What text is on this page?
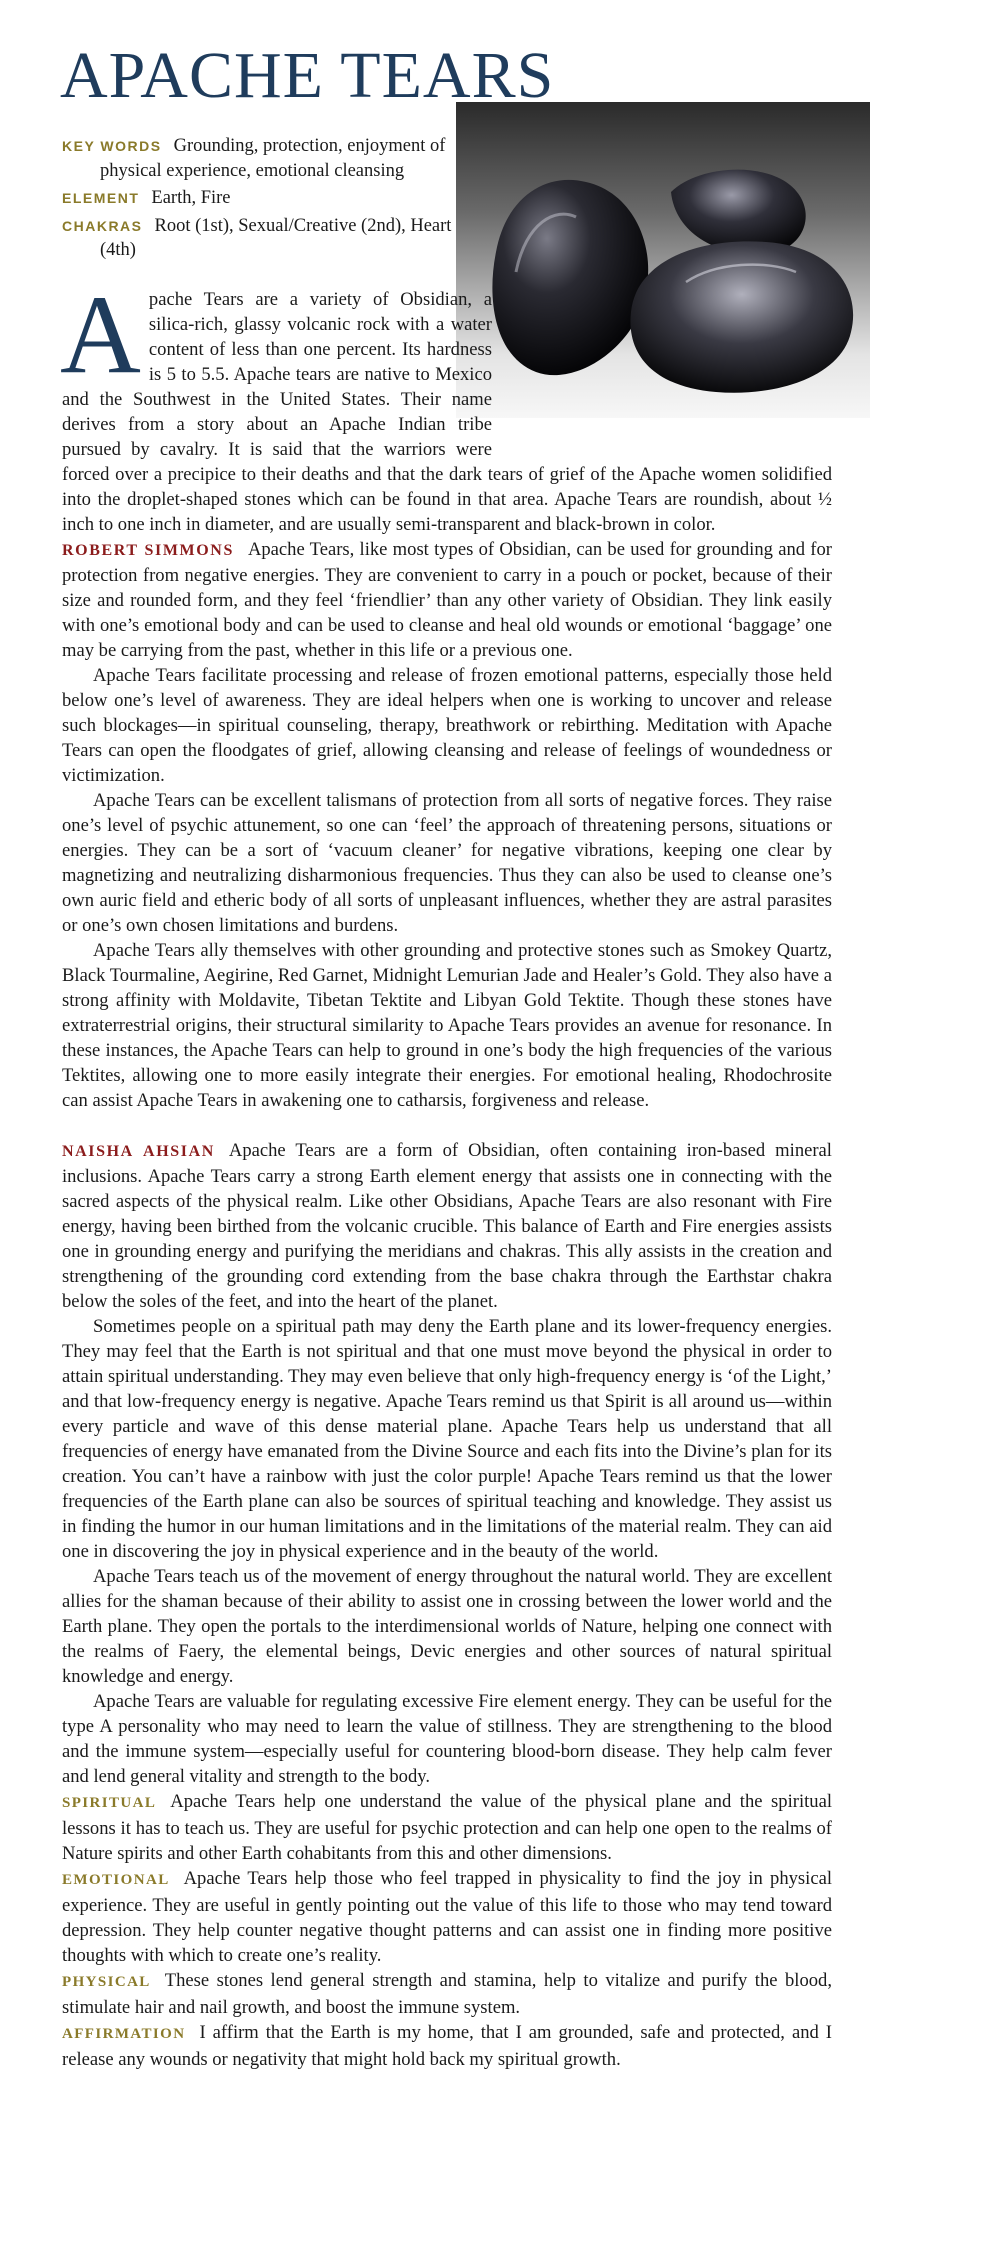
APACHE TEARS
KEY WORDS Grounding, protection, enjoyment of physical experience, emotional cleansing
ELEMENT Earth, Fire
CHAKRAS Root (1st), Sexual/Creative (2nd), Heart (4th)
Apache Tears are a variety of Obsidian, a silica-rich, glassy volcanic rock with a water content of less than one percent. Its hardness is 5 to 5.5. Apache tears are native to Mexico and the Southwest in the United States. Their name derives from a story about an Apache Indian tribe pursued by cavalry. It is said that the warriors were forced over a precipice to their deaths and that the dark tears of grief of the Apache women solidified into the droplet-shaped stones which can be found in that area. Apache Tears are roundish, about ½ inch to one inch in diameter, and are usually semi-transparent and black-brown in color.

ROBERT SIMMONS Apache Tears, like most types of Obsidian, can be used for grounding and for protection from negative energies. They are convenient to carry in a pouch or pocket, because of their size and rounded form, and they feel ‘friendlier’ than any other variety of Obsidian. They link easily with one’s emotional body and can be used to cleanse and heal old wounds or emotional ‘baggage’ one may be carrying from the past, whether in this life or a previous one.

Apache Tears facilitate processing and release of frozen emotional patterns, especially those held below one’s level of awareness. They are ideal helpers when one is working to uncover and release such blockages—in spiritual counseling, therapy, breathwork or rebirthing. Meditation with Apache Tears can open the floodgates of grief, allowing cleansing and release of feelings of woundedness or victimization.

Apache Tears can be excellent talismans of protection from all sorts of negative forces. They raise one’s level of psychic attunement, so one can ‘feel’ the approach of threatening persons, situations or energies. They can be a sort of ‘vacuum cleaner’ for negative vibrations, keeping one clear by magnetizing and neutralizing disharmonious frequencies. Thus they can also be used to cleanse one’s own auric field and etheric body of all sorts of unpleasant influences, whether they are astral parasites or one’s own chosen limitations and burdens.

Apache Tears ally themselves with other grounding and protective stones such as Smokey Quartz, Black Tourmaline, Aegirine, Red Garnet, Midnight Lemurian Jade and Healer’s Gold. They also have a strong affinity with Moldavite, Tibetan Tektite and Libyan Gold Tektite. Though these stones have extraterrestrial origins, their structural similarity to Apache Tears provides an avenue for resonance. In these instances, the Apache Tears can help to ground in one’s body the high frequencies of the various Tektites, allowing one to more easily integrate their energies. For emotional healing, Rhodochrosite can assist Apache Tears in awakening one to catharsis, forgiveness and release.

NAISHA AHSIAN Apache Tears are a form of Obsidian, often containing iron-based mineral inclusions. Apache Tears carry a strong Earth element energy that assists one in connecting with the sacred aspects of the physical realm. Like other Obsidians, Apache Tears are also resonant with Fire energy, having been birthed from the volcanic crucible. This balance of Earth and Fire energies assists one in grounding energy and purifying the meridians and chakras. This ally assists in the creation and strengthening of the grounding cord extending from the base chakra through the Earthstar chakra below the soles of the feet, and into the heart of the planet.

Sometimes people on a spiritual path may deny the Earth plane and its lower-frequency energies. They may feel that the Earth is not spiritual and that one must move beyond the physical in order to attain spiritual understanding. They may even believe that only high-frequency energy is ‘of the Light,’ and that low-frequency energy is negative. Apache Tears remind us that Spirit is all around us—within every particle and wave of this dense material plane. Apache Tears help us understand that all frequencies of energy have emanated from the Divine Source and each fits into the Divine’s plan for its creation. You can’t have a rainbow with just the color purple! Apache Tears remind us that the lower frequencies of the Earth plane can also be sources of spiritual teaching and knowledge. They assist us in finding the humor in our human limitations and in the limitations of the material realm. They can aid one in discovering the joy in physical experience and in the beauty of the world.

Apache Tears teach us of the movement of energy throughout the natural world. They are excellent allies for the shaman because of their ability to assist one in crossing between the lower world and the Earth plane. They open the portals to the interdimensional worlds of Nature, helping one connect with the realms of Faery, the elemental beings, Devic energies and other sources of natural spiritual knowledge and energy.

Apache Tears are valuable for regulating excessive Fire element energy. They can be useful for the type A personality who may need to learn the value of stillness. They are strengthening to the blood and the immune system—especially useful for countering blood-born disease. They help calm fever and lend general vitality and strength to the body.

SPIRITUAL Apache Tears help one understand the value of the physical plane and the spiritual lessons it has to teach us. They are useful for psychic protection and can help one open to the realms of Nature spirits and other Earth cohabitants from this and other dimensions.

EMOTIONAL Apache Tears help those who feel trapped in physicality to find the joy in physical experience. They are useful in gently pointing out the value of this life to those who may tend toward depression. They help counter negative thought patterns and can assist one in finding more positive thoughts with which to create one’s reality.

PHYSICAL These stones lend general strength and stamina, help to vitalize and purify the blood, stimulate hair and nail growth, and boost the immune system.

AFFIRMATION I affirm that the Earth is my home, that I am grounded, safe and protected, and I release any wounds or negativity that might hold back my spiritual growth.
